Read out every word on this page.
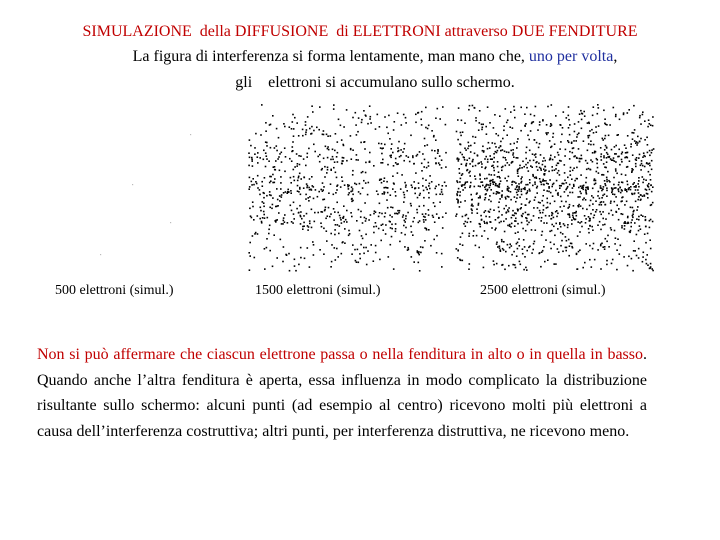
SIMULAZIONE  della DIFFUSIONE  di ELETTRONI attraverso DUE FENDITURE
La figura di interferenza si forma lentamente, man mano che, uno per volta,
gli    elettroni si accumulano sullo schermo.
500 elettroni (simul.)	1500 elettroni (simul.)	2500 elettroni (simul.)
Non si può affermare che ciascun elettrone passa o nella fenditura in alto o in quella in basso. Quando anche l’altra fenditura è aperta, essa influenza in modo complicato la distribuzione risultante sullo schermo: alcuni punti (ad esempio al centro) ricevono molti più elettroni a causa dell’interferenza costruttiva; altri punti, per interferenza distruttiva, ne ricevono meno.
